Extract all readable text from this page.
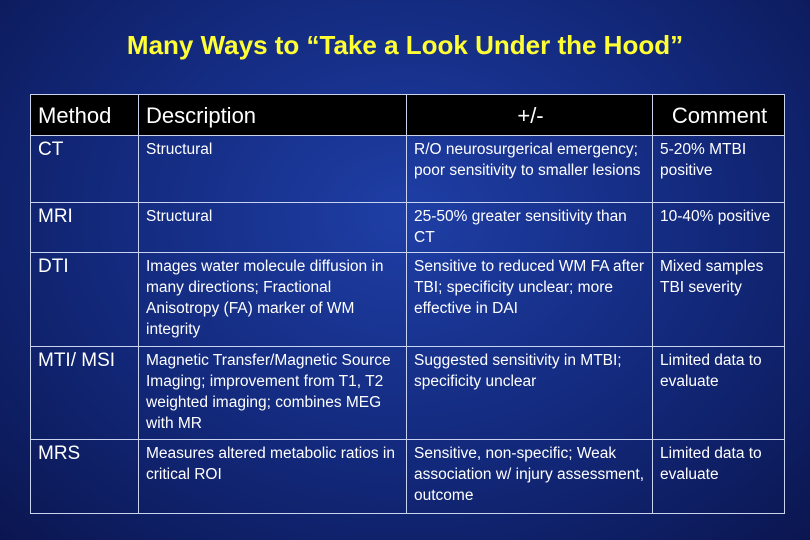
Many Ways to “Take a Look Under the Hood”
Method	Description	+/-	Comment
CT	Structural	R/O neurosurgerical emergency; poor sensitivity to smaller lesions	5-20% MTBI positive
MRI	Structural	25-50% greater sensitivity than CT	10-40% positive
DTI	Images water molecule diffusion in many directions; Fractional Anisotropy (FA) marker of WM integrity	Sensitive to reduced WM FA after TBI; specificity unclear; more effective in DAI	Mixed samples TBI severity
MTI/ MSI	Magnetic Transfer/Magnetic Source Imaging; improvement from T1, T2 weighted imaging; combines MEG with MR	Suggested sensitivity in MTBI; specificity unclear	Limited data to evaluate
MRS	Measures altered metabolic ratios in critical ROI	Sensitive, non-specific; Weak association w/ injury assessment, outcome	Limited data to evaluate
